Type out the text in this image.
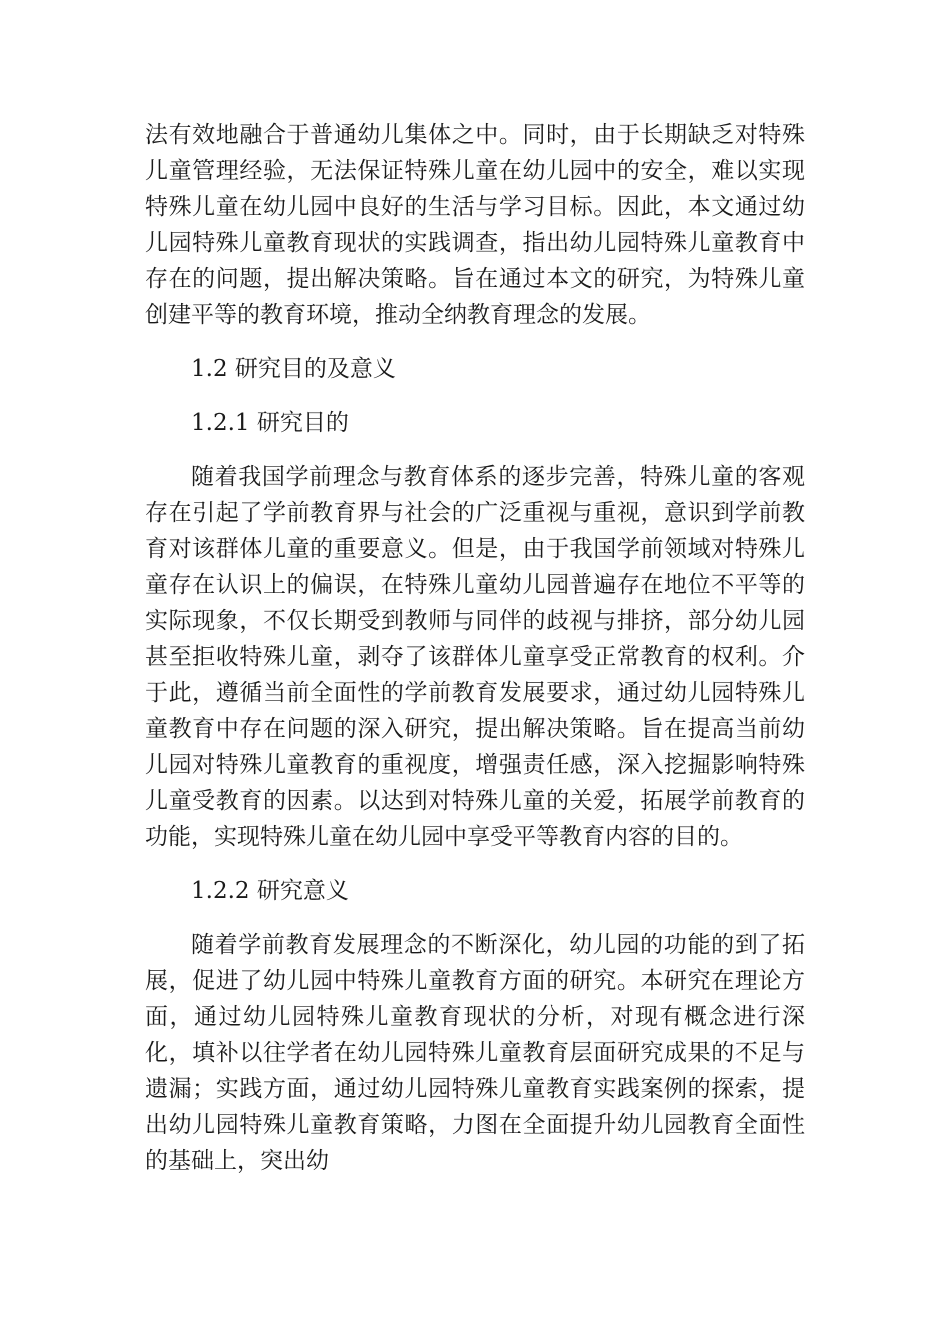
法有效地融合于普通幼儿集体之中。同时，由于长期缺乏对特殊儿童管理经验，无法保证特殊儿童在幼儿园中的安全，难以实现特殊儿童在幼儿园中良好的生活与学习目标。因此，本文通过幼儿园特殊儿童教育现状的实践调查，指出幼儿园特殊儿童教育中存在的问题，提出解决策略。旨在通过本文的研究，为特殊儿童创建平等的教育环境，推动全纳教育理念的发展。

1.2 研究目的及意义

1.2.1 研究目的

随着我国学前理念与教育体系的逐步完善，特殊儿童的客观存在引起了学前教育界与社会的广泛重视与重视，意识到学前教育对该群体儿童的重要意义。但是，由于我国学前领域对特殊儿童存在认识上的偏误，在特殊儿童幼儿园普遍存在地位不平等的实际现象，不仅长期受到教师与同伴的歧视与排挤，部分幼儿园甚至拒收特殊儿童，剥夺了该群体儿童享受正常教育的权利。介于此，遵循当前全面性的学前教育发展要求，通过幼儿园特殊儿童教育中存在问题的深入研究，提出解决策略。旨在提高当前幼儿园对特殊儿童教育的重视度，增强责任感，深入挖掘影响特殊儿童受教育的因素。以达到对特殊儿童的关爱，拓展学前教育的功能，实现特殊儿童在幼儿园中享受平等教育内容的目的。

1.2.2 研究意义

随着学前教育发展理念的不断深化，幼儿园的功能的到了拓展，促进了幼儿园中特殊儿童教育方面的研究。本研究在理论方面，通过幼儿园特殊儿童教育现状的分析，对现有概念进行深化，填补以往学者在幼儿园特殊儿童教育层面研究成果的不足与遗漏；实践方面，通过幼儿园特殊儿童教育实践案例的探索，提出幼儿园特殊儿童教育策略，力图在全面提升幼儿园教育全面性的基础上，突出幼
